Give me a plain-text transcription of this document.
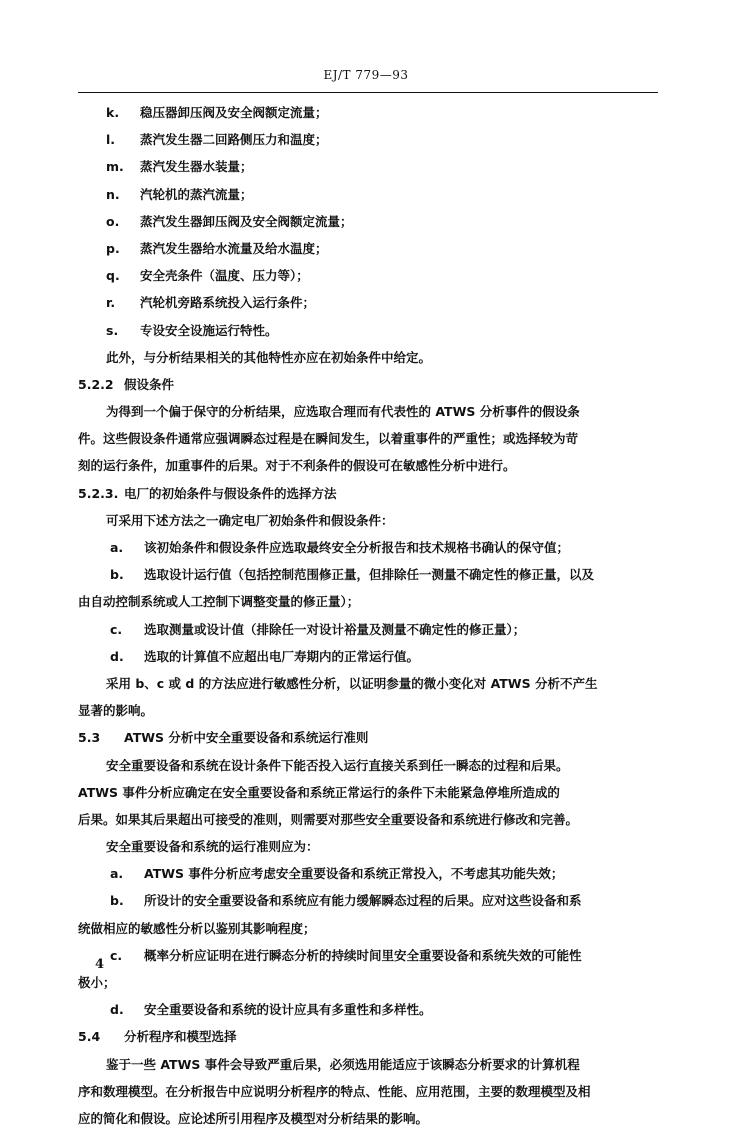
EJ/T 779—93
k. 稳压器卸压阀及安全阀额定流量；
l. 蒸汽发生器二回路侧压力和温度；
m. 蒸汽发生器水装量；
n. 汽轮机的蒸汽流量；
o. 蒸汽发生器卸压阀及安全阀额定流量；
p. 蒸汽发生器给水流量及给水温度；
q. 安全壳条件（温度、压力等）；
r. 汽轮机旁路系统投入运行条件；
s. 专设安全设施运行特性。
此外，与分析结果相关的其他特性亦应在初始条件中给定。
5.2.2 假设条件
为得到一个偏于保守的分析结果，应选取合理而有代表性的 ATWS 分析事件的假设条
件。这些假设条件通常应强调瞬态过程是在瞬间发生，以着重事件的严重性；或选择较为苛
刻的运行条件，加重事件的后果。对于不利条件的假设可在敏感性分析中进行。
5.2.3. 电厂的初始条件与假设条件的选择方法
可采用下述方法之一确定电厂初始条件和假设条件：
a. 该初始条件和假设条件应选取最终安全分析报告和技术规格书确认的保守值；
b. 选取设计运行值（包括控制范围修正量，但排除任一测量不确定性的修正量，以及
由自动控制系统或人工控制下调整变量的修正量）；
c. 选取测量或设计值（排除任一对设计裕量及测量不确定性的修正量）；
d. 选取的计算值不应超出电厂寿期内的正常运行值。
采用 b、c 或 d 的方法应进行敏感性分析，以证明参量的微小变化对 ATWS 分析不产生
显著的影响。
5.3 ATWS 分析中安全重要设备和系统运行准则
安全重要设备和系统在设计条件下能否投入运行直接关系到任一瞬态的过程和后果。
ATWS 事件分析应确定在安全重要设备和系统正常运行的条件下未能紧急停堆所造成的
后果。如果其后果超出可接受的准则，则需要对那些安全重要设备和系统进行修改和完善。
安全重要设备和系统的运行准则应为：
a. ATWS 事件分析应考虑安全重要设备和系统正常投入，不考虑其功能失效；
b. 所设计的安全重要设备和系统应有能力缓解瞬态过程的后果。应对这些设备和系
统做相应的敏感性分析以鉴别其影响程度；
c. 概率分析应证明在进行瞬态分析的持续时间里安全重要设备和系统失效的可能性
极小；
d. 安全重要设备和系统的设计应具有多重性和多样性。
5.4 分析程序和模型选择
鉴于一些 ATWS 事件会导致严重后果，必须选用能适应于该瞬态分析要求的计算机程
序和数理模型。在分析报告中应说明分析程序的特点、性能、应用范围，主要的数理模型及相
应的简化和假设。应论述所引用程序及模型对分析结果的影响。
4
